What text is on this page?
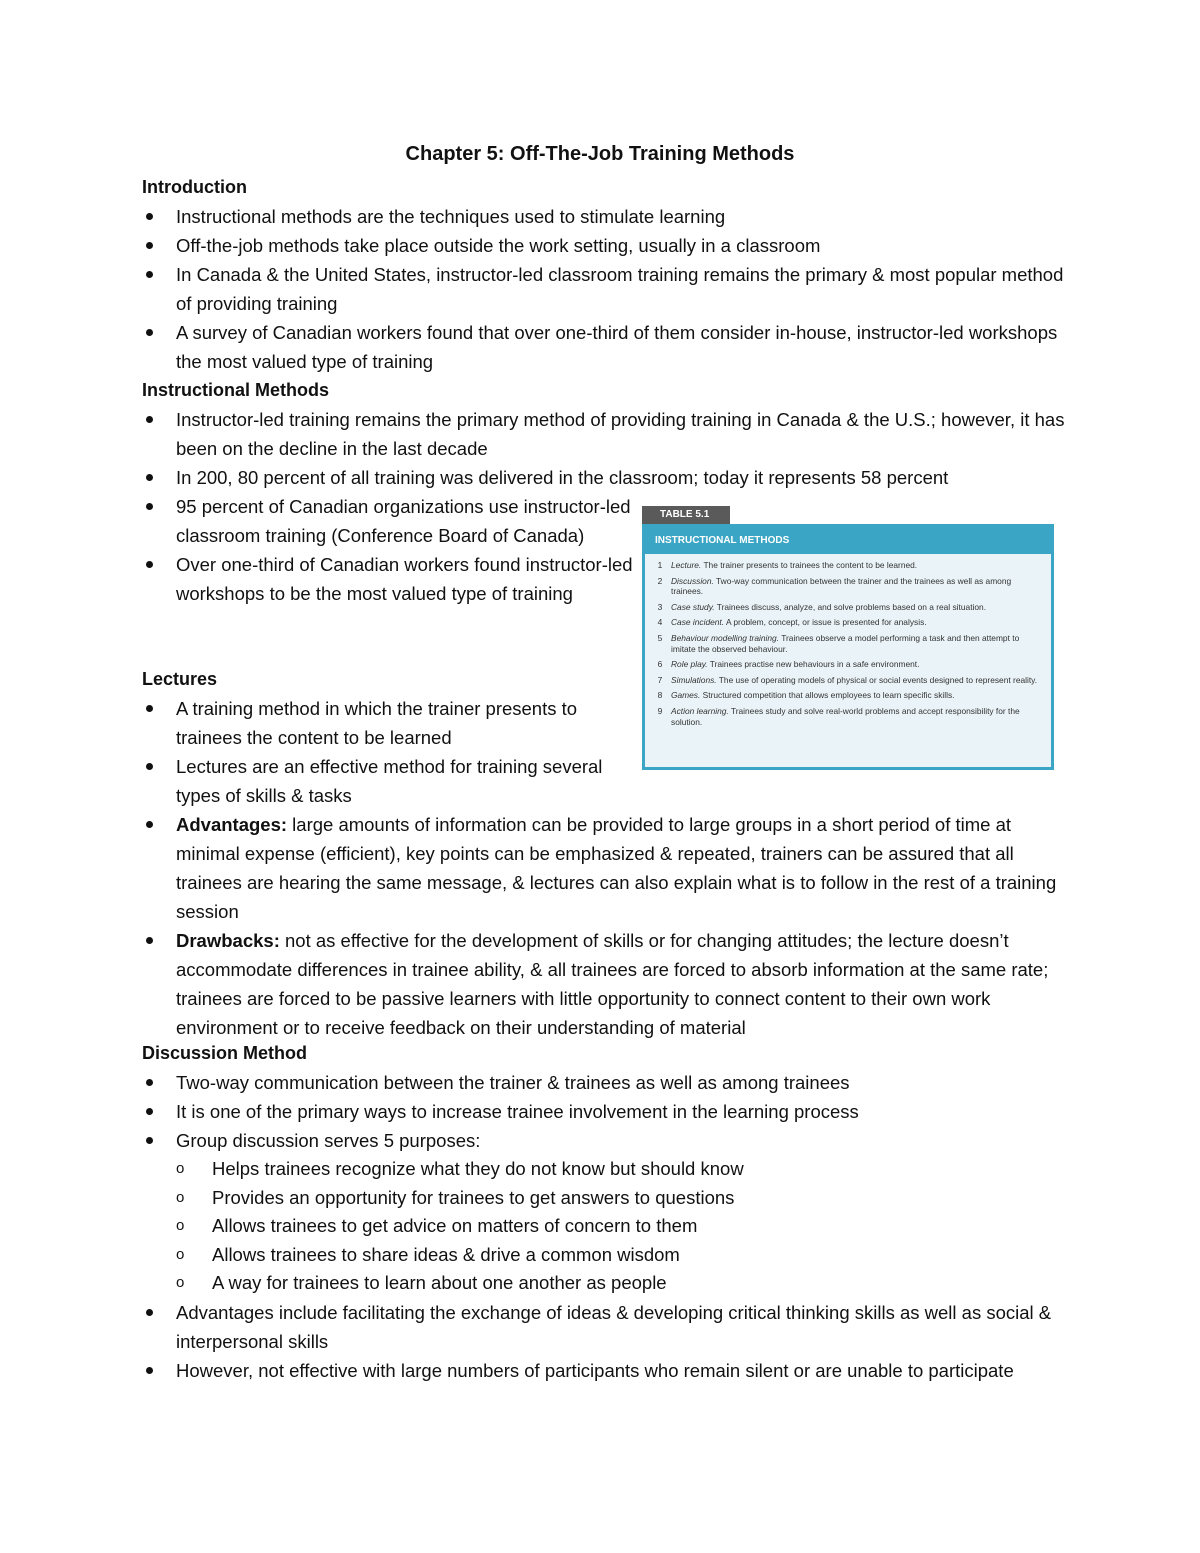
Chapter 5: Off-The-Job Training Methods
Introduction
Instructional methods are the techniques used to stimulate learning
Off-the-job methods take place outside the work setting, usually in a classroom
In Canada & the United States, instructor-led classroom training remains the primary & most popular method of providing training
A survey of Canadian workers found that over one-third of them consider in-house, instructor-led workshops the most valued type of training
Instructional Methods
Instructor-led training remains the primary method of providing training in Canada & the U.S.; however, it has been on the decline in the last decade
In 200, 80 percent of all training was delivered in the classroom; today it represents 58 percent
95 percent of Canadian organizations use instructor-led classroom training (Conference Board of Canada)
Over one-third of Canadian workers found instructor-led workshops to be the most valued type of training
Lectures
A training method in which the trainer presents to trainees the content to be learned
Lectures are an effective method for training several types of skills & tasks
Advantages: large amounts of information can be provided to large groups in a short period of time at minimal expense (efficient), key points can be emphasized & repeated, trainers can be assured that all trainees are hearing the same message, & lectures can also explain what is to follow in the rest of a training session
Drawbacks: not as effective for the development of skills or for changing attitudes; the lecture doesn’t accommodate differences in trainee ability, & all trainees are forced to absorb information at the same rate; trainees are forced to be passive learners with little opportunity to connect content to their own work environment or to receive feedback on their understanding of material
Discussion Method
Two-way communication between the trainer & trainees as well as among trainees
It is one of the primary ways to increase trainee involvement in the learning process
Group discussion serves 5 purposes:
o Helps trainees recognize what they do not know but should know
o Provides an opportunity for trainees to get answers to questions
o Allows trainees to get advice on matters of concern to them
o Allows trainees to share ideas & drive a common wisdom
o A way for trainees to learn about one another as people
Advantages include facilitating the exchange of ideas & developing critical thinking skills as well as social & interpersonal skills
However, not effective with large numbers of participants who remain silent or are unable to participate
TABLE 5.1
INSTRUCTIONAL METHODS
1	Lecture. The trainer presents to trainees the content to be learned.
2	Discussion. Two-way communication between the trainer and the trainees as well as among trainees.
3	Case study. Trainees discuss, analyze, and solve problems based on a real situation.
4	Case incident. A problem, concept, or issue is presented for analysis.
5	Behaviour modelling training. Trainees observe a model performing a task and then attempt to imitate the observed behaviour.
6	Role play. Trainees practise new behaviours in a safe environment.
7	Simulations. The use of operating models of physical or social events designed to represent reality.
8	Games. Structured competition that allows employees to learn specific skills.
9	Action learning. Trainees study and solve real-world problems and accept responsibility for the solution.
